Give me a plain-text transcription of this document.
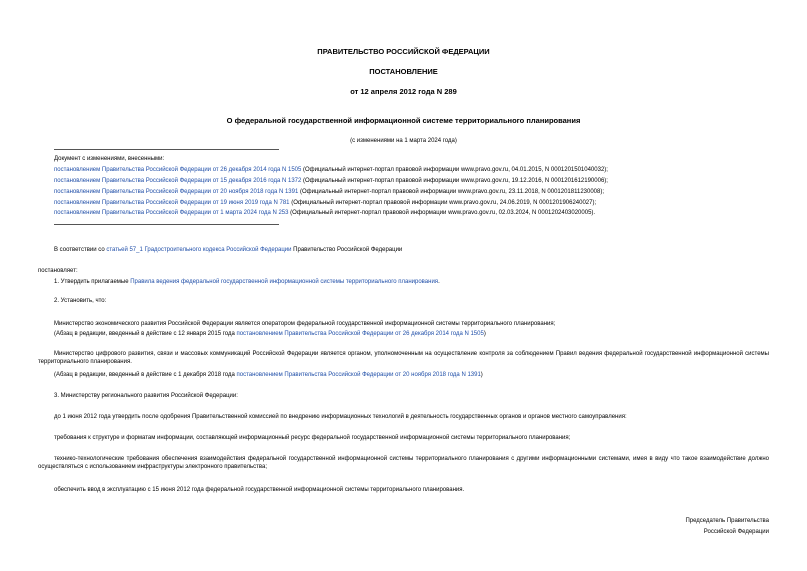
ПРАВИТЕЛЬСТВО РОССИЙСКОЙ ФЕДЕРАЦИИ
ПОСТАНОВЛЕНИЕ
от 12 апреля 2012 года N 289
О федеральной государственной информационной системе территориального планирования
(с изменениями на 1 марта 2024 года)
Документ с изменениями, внесенными:
постановлением Правительства Российской Федерации от 26 декабря 2014 года N 1505 (Официальный интернет-портал правовой информации www.pravo.gov.ru, 04.01.2015, N 0001201501040032);
постановлением Правительства Российской Федерации от 15 декабря 2016 года N 1372 (Официальный интернет-портал правовой информации www.pravo.gov.ru, 19.12.2016, N 0001201612190006);
постановлением Правительства Российской Федерации от 20 ноября 2018 года N 1391 (Официальный интернет-портал правовой информации www.pravo.gov.ru, 23.11.2018, N 0001201811230008);
постановлением Правительства Российской Федерации от 19 июня 2019 года N 781 (Официальный интернет-портал правовой информации www.pravo.gov.ru, 24.06.2019, N 0001201906240027);
постановлением Правительства Российской Федерации от 1 марта 2024 года N 253 (Официальный интернет-портал правовой информации www.pravo.gov.ru, 02.03.2024, N 0001202403020005).
В соответствии со статьей 57_1 Градостроительного кодекса Российской Федерации Правительство Российской Федерации
постановляет:
1. Утвердить прилагаемые Правила ведения федеральной государственной информационной системы территориального планирования.
2. Установить, что:
Министерство экономического развития Российской Федерации является оператором федеральной государственной информационной системы территориального планирования;
(Абзац в редакции, введенный в действие с 12 января 2015 года постановлением Правительства Российской Федерации от 26 декабря 2014 года N 1505)
Министерство цифрового развития, связи и массовых коммуникаций Российской Федерации является органом, уполномоченным на осуществление контроля за соблюдением Правил ведения федеральной государственной информационной системы территориального планирования.
(Абзац в редакции, введенный в действие с 1 декабря 2018 года постановлением Правительства Российской Федерации от 20 ноября 2018 года N 1391)
3. Министерству регионального развития Российской Федерации:
до 1 июня 2012 года утвердить после одобрения Правительственной комиссией по внедрению информационных технологий в деятельность государственных органов и органов местного самоуправления:
требования к структуре и форматам информации, составляющей информационный ресурс федеральной государственной информационной системы территориального планирования;
технико-технологические требования обеспечения взаимодействия федеральной государственной информационной системы территориального планирования с другими информационными системами, имея в виду что такое взаимодействие должно осуществляться с использованием инфраструктуры электронного правительства;
обеспечить ввод в эксплуатацию с 15 июня 2012 года федеральной государственной информационной системы территориального планирования.
Председатель Правительства
Российской Федерации
